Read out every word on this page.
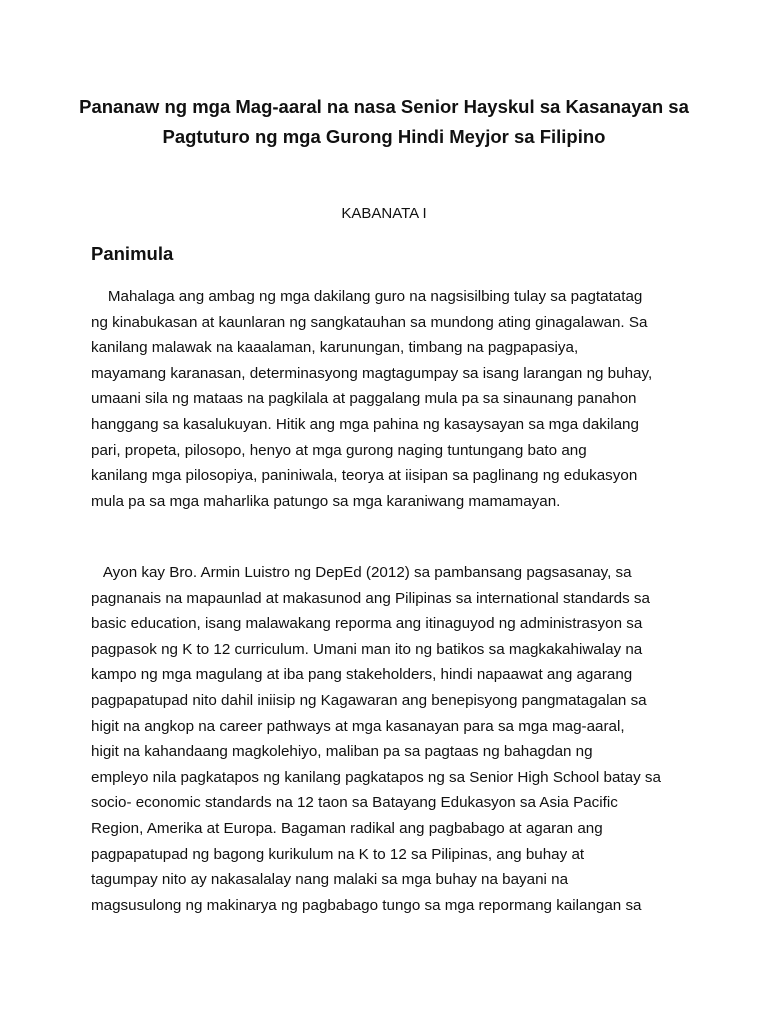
Pananaw ng mga Mag-aaral na nasa Senior Hayskul sa Kasanayan sa
Pagtuturo ng mga Gurong Hindi Meyjor sa Filipino

KABANATA I

Panimula
Mahalaga ang ambag ng mga dakilang guro na nagsisilbing tulay sa pagtatatag
ng kinabukasan at kaunlaran ng sangkatauhan sa mundong ating ginagalawan. Sa
kanilang malawak na kaaalaman, karunungan, timbang na pagpapasiya,
mayamang karanasan, determinasyong magtagumpay sa isang larangan ng buhay,
umaani sila ng mataas na pagkilala at paggalang mula pa sa sinaunang panahon
hanggang sa kasalukuyan. Hitik ang mga pahina ng kasaysayan sa mga dakilang
pari, propeta, pilosopo, henyo at mga gurong naging tuntungang bato ang
kanilang mga pilosopiya, paniniwala, teorya at iisipan sa paglinang ng edukasyon
mula pa sa mga maharlika patungo sa mga karaniwang mamamayan.
Ayon kay Bro. Armin Luistro ng DepEd (2012) sa pambansang pagsasanay, sa
pagnanais na mapaunlad at makasunod ang Pilipinas sa international standards sa
basic education, isang malawakang reporma ang itinaguyod ng administrasyon sa
pagpasok ng K to 12 curriculum. Umani man ito ng batikos sa magkakahiwalay na
kampo ng mga magulang at iba pang stakeholders, hindi napaawat ang agarang
pagpapatupad nito dahil iniisip ng Kagawaran ang benepisyong pangmatagalan sa
higit na angkop na career pathways at mga kasanayan para sa mga mag-aaral,
higit na kahandaang magkolehiyo, maliban pa sa pagtaas ng bahagdan ng
empleyo nila pagkatapos ng kanilang pagkatapos ng sa Senior High School batay sa
socio- economic standards na 12 taon sa Batayang Edukasyon sa Asia Pacific
Region, Amerika at Europa. Bagaman radikal ang pagbabago at agaran ang
pagpapatupad ng bagong kurikulum na K to 12 sa Pilipinas, ang buhay at
tagumpay nito ay nakasalalay nang malaki sa mga buhay na bayani na
magsusulong ng makinarya ng pagbabago tungo sa mga repormang kailangan sa
